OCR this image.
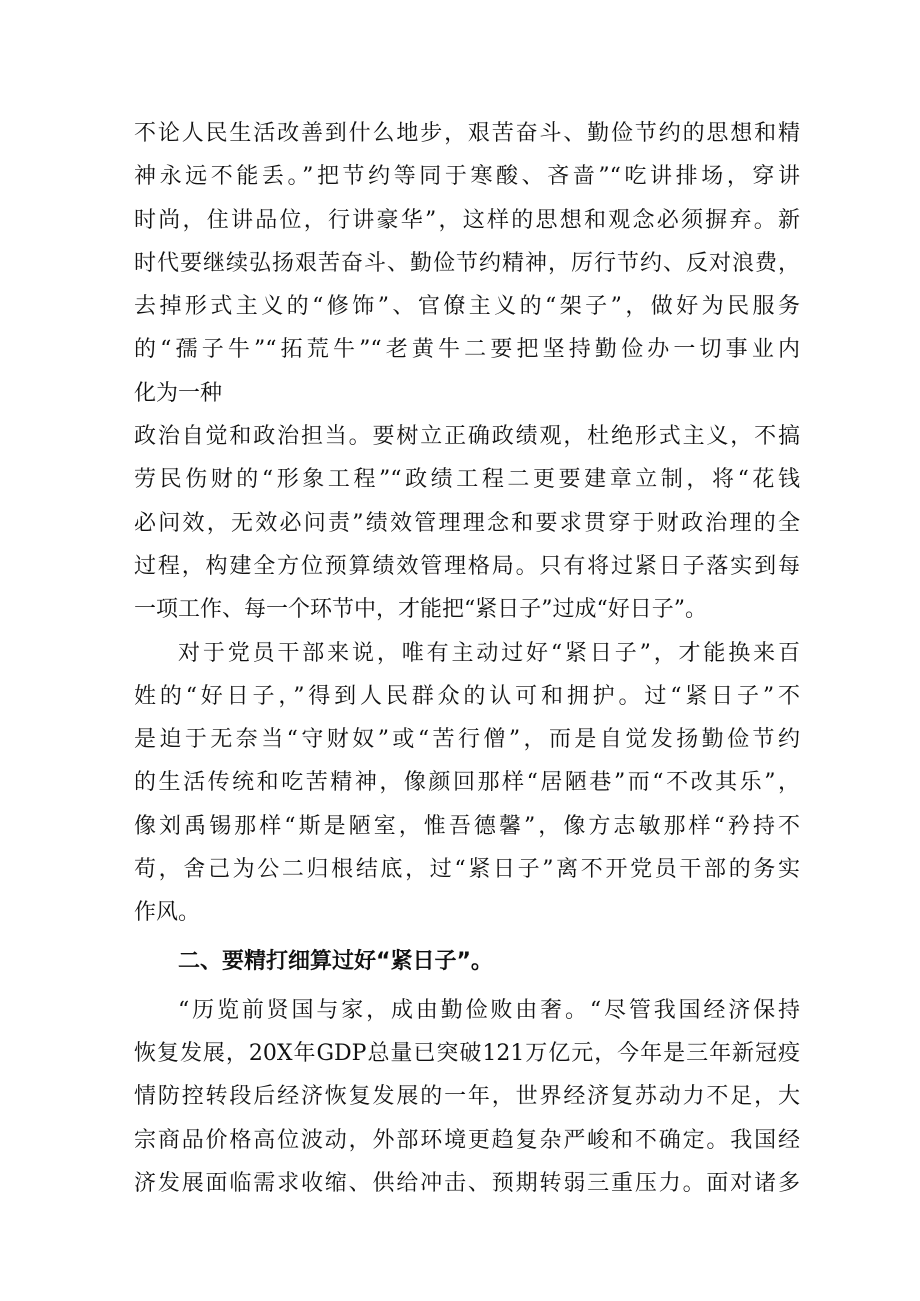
不论人民生活改善到什么地步，艰苦奋斗、勤俭节约的思想和精
神永远不能丢。”把节约等同于寒酸、吝啬”“吃讲排场，穿讲
时尚，住讲品位，行讲豪华”，这样的思想和观念必须摒弃。新
时代要继续弘扬艰苦奋斗、勤俭节约精神，厉行节约、反对浪费，
去掉形式主义的“修饰”、官僚主义的“架子”，做好为民服务
的“孺子牛”“拓荒牛”“老黄牛二要把坚持勤俭办一切事业内
化为一种
政治自觉和政治担当。要树立正确政绩观，杜绝形式主义，不搞
劳民伤财的“形象工程”“政绩工程二更要建章立制，将“花钱
必问效，无效必问责”绩效管理理念和要求贯穿于财政治理的全
过程，构建全方位预算绩效管理格局。只有将过紧日子落实到每
一项工作、每一个环节中，才能把“紧日子”过成“好日子”。
对于党员干部来说，唯有主动过好“紧日子”，才能换来百
姓的“好日子，”得到人民群众的认可和拥护。过“紧日子”不
是迫于无奈当“守财奴”或“苦行僧”，而是自觉发扬勤俭节约
的生活传统和吃苦精神，像颜回那样“居陋巷”而“不改其乐”，
像刘禹锡那样“斯是陋室，惟吾德馨”，像方志敏那样“矜持不
苟，舍己为公二归根结底，过“紧日子”离不开党员干部的务实
作风。
二、要精打细算过好“紧日子”。
“历览前贤国与家，成由勤俭败由奢。“尽管我国经济保持
恢复发展，20X年GDP总量已突破121万亿元，今年是三年新冠疫
情防控转段后经济恢复发展的一年，世界经济复苏动力不足，大
宗商品价格高位波动，外部环境更趋复杂严峻和不确定。我国经
济发展面临需求收缩、供给冲击、预期转弱三重压力。面对诸多
